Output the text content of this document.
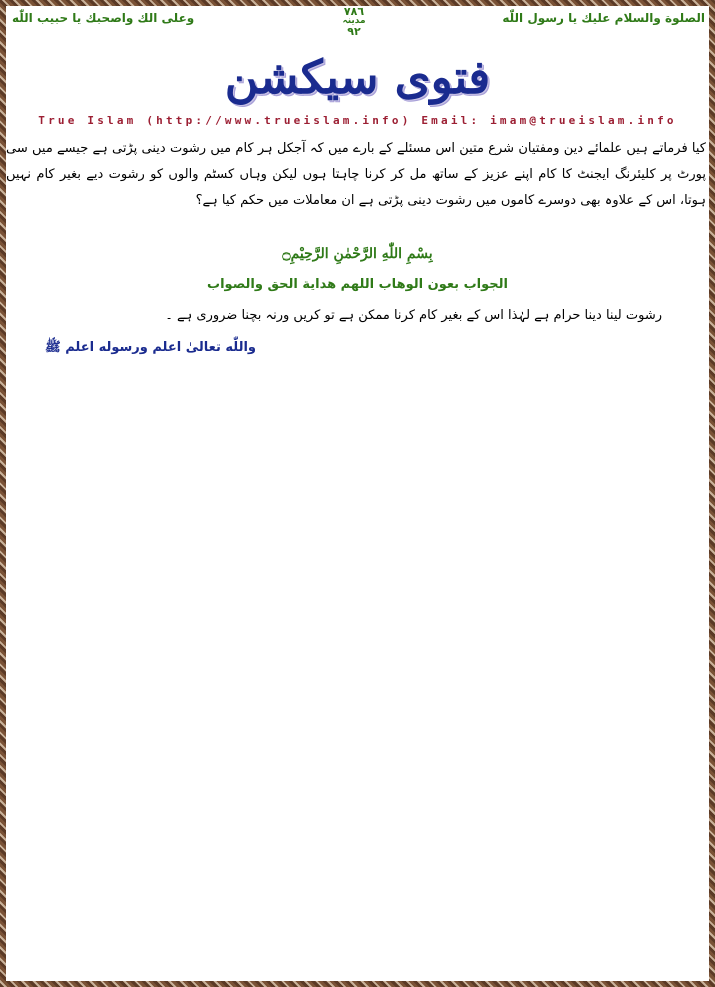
وعلى الك واصحبك يا حبيب اللّٰه	٧٨٦
مدینہ
٩٢
الصلوة والسلام عليك يا رسول اللّٰه
فتوی سیکشن
True Islam (http://www.trueislam.info) Email: imam@trueislam.info
کیا فرماتے ہیں علمائے دین ومفتیان شرع متین اس مسئلے کے بارے میں کہ آجکل ہر کام میں رشوت دینی پڑتی ہے جیسے میں سی پورٹ پر کلیئرنگ ایجنٹ کا کام اپنے عزیز کے ساتھ مل کر کرنا چاہتا ہوں لیکن وہاں کسٹم والوں کو رشوت دیے بغیر کام نہیں ہوتا، اس کے علاوہ بھی دوسرے کاموں میں رشوت دینی پڑتی ہے ان معاملات میں حکم کیا ہے؟
بِسْمِ اللّٰهِ الرَّحْمٰنِ الرَّحِيْمِ۝
الجواب بعون الوهاب اللهم هداية الحق والصواب
رشوت لینا دینا حرام ہے لہٰذا اس کے بغیر کام کرنا ممکن ہے تو کریں ورنہ بچنا ضروری ہے ۔
واللّٰه تعالىٰ اعلم ورسوله اعلم ﷺ
